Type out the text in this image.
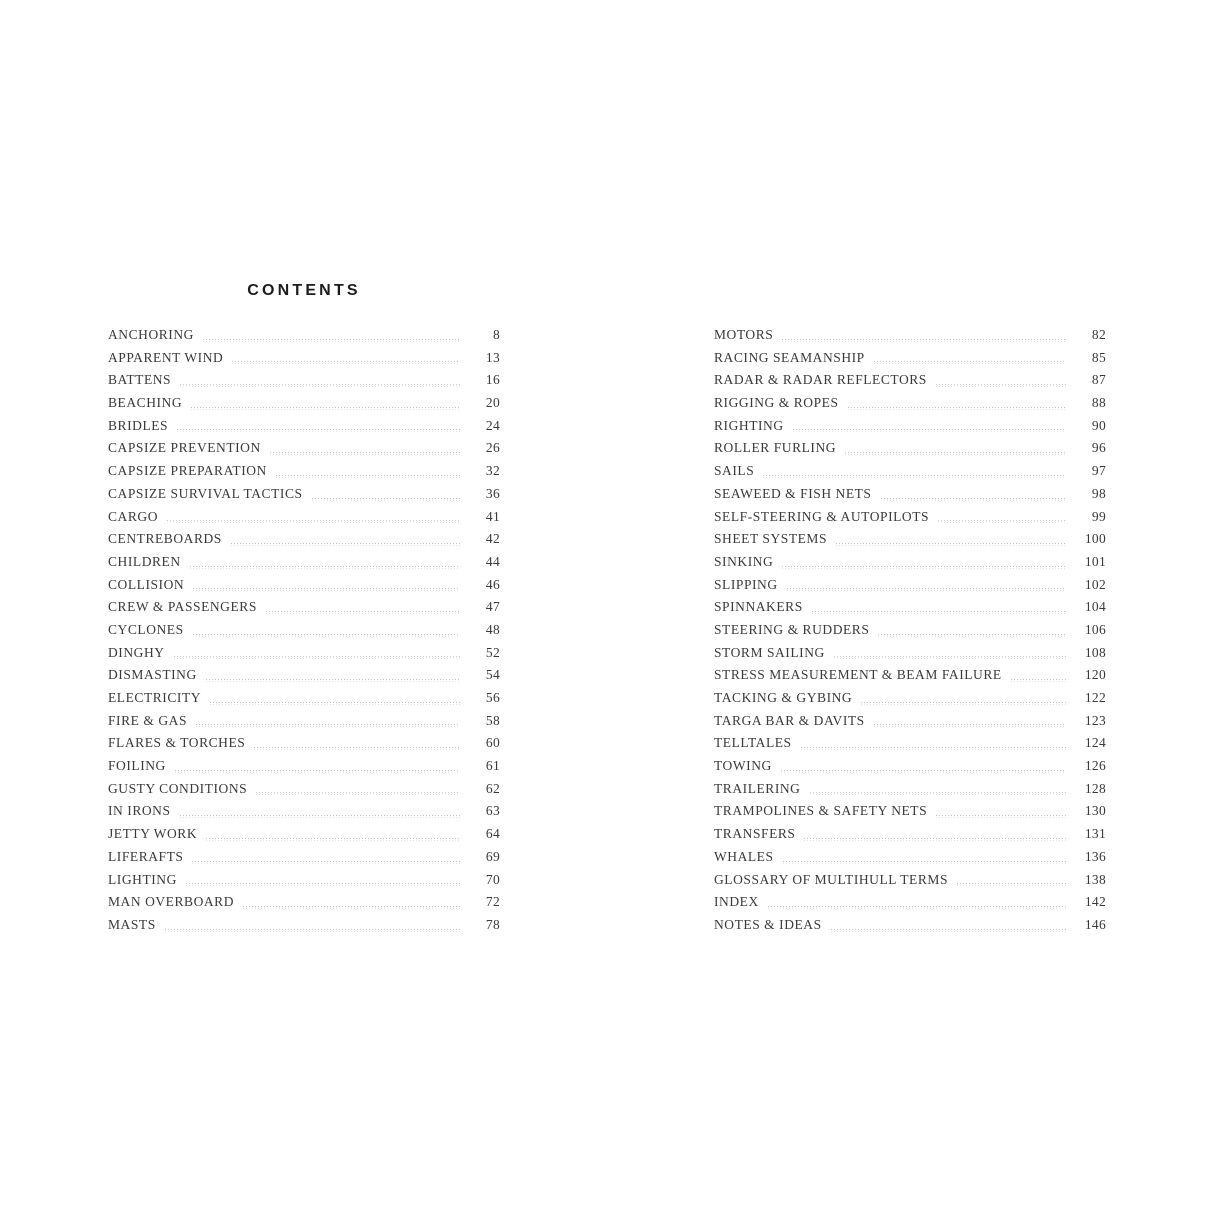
CONTENTS
ANCHORING	8
APPARENT WIND	13
BATTENS	16
BEACHING	20
BRIDLES	24
CAPSIZE PREVENTION	26
CAPSIZE PREPARATION	32
CAPSIZE SURVIVAL TACTICS	36
CARGO	41
CENTREBOARDS	42
CHILDREN	44
COLLISION	46
CREW & PASSENGERS	47
CYCLONES	48
DINGHY	52
DISMASTING	54
ELECTRICITY	56
FIRE & GAS	58
FLARES & TORCHES	60
FOILING	61
GUSTY CONDITIONS	62
IN IRONS	63
JETTY WORK	64
LIFERAFTS	69
LIGHTING	70
MAN OVERBOARD	72
MASTS	78
MOTORS	82
RACING SEAMANSHIP	85
RADAR & RADAR REFLECTORS	87
RIGGING & ROPES	88
RIGHTING	90
ROLLER FURLING	96
SAILS	97
SEAWEED & FISH NETS	98
SELF-STEERING & AUTOPILOTS	99
SHEET SYSTEMS	100
SINKING	101
SLIPPING	102
SPINNAKERS	104
STEERING & RUDDERS	106
STORM SAILING	108
STRESS MEASUREMENT & BEAM FAILURE	120
TACKING & GYBING	122
TARGA BAR & DAVITS	123
TELLTALES	124
TOWING	126
TRAILERING	128
TRAMPOLINES & SAFETY NETS	130
TRANSFERS	131
WHALES	136
GLOSSARY OF MULTIHULL TERMS	138
INDEX	142
NOTES & IDEAS	146
